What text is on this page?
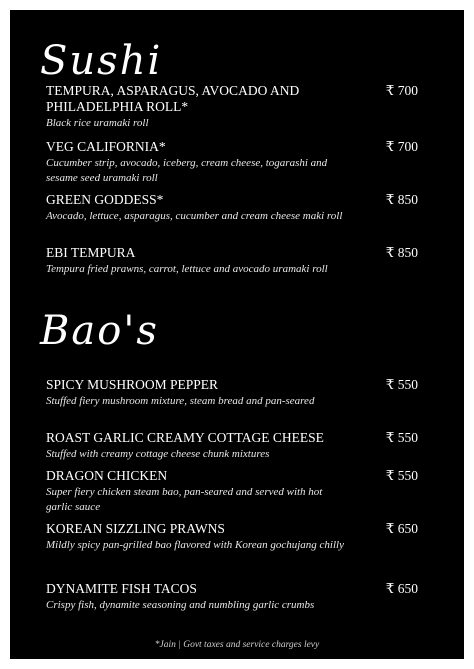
Sushi
TEMPURA, ASPARAGUS, AVOCADO AND PHILADELPHIA ROLL*
₹ 700
Black rice uramaki roll
VEG CALIFORNIA*	₹ 700
Cucumber strip, avocado, iceberg, cream cheese, togarashi and sesame seed uramaki roll
GREEN GODDESS*	₹ 850
Avocado, lettuce, asparagus, cucumber and cream cheese maki roll
EBI TEMPURA	₹ 850
Tempura fried prawns, carrot, lettuce and avocado uramaki roll
Bao's
SPICY MUSHROOM PEPPER	₹ 550
Stuffed fiery mushroom mixture, steam bread and pan-seared
ROAST GARLIC CREAMY COTTAGE CHEESE	₹ 550
Stuffed with creamy cottage cheese chunk mixtures
DRAGON CHICKEN	₹ 550
Super fiery chicken steam bao, pan-seared and served with hot garlic sauce
KOREAN SIZZLING PRAWNS	₹ 650
Mildly spicy pan-grilled bao flavored with Korean gochujang chilly
DYNAMITE FISH TACOS	₹ 650
Crispy fish, dynamite seasoning and numbling garlic crumbs
*Jain | Govt taxes and service charges levy
